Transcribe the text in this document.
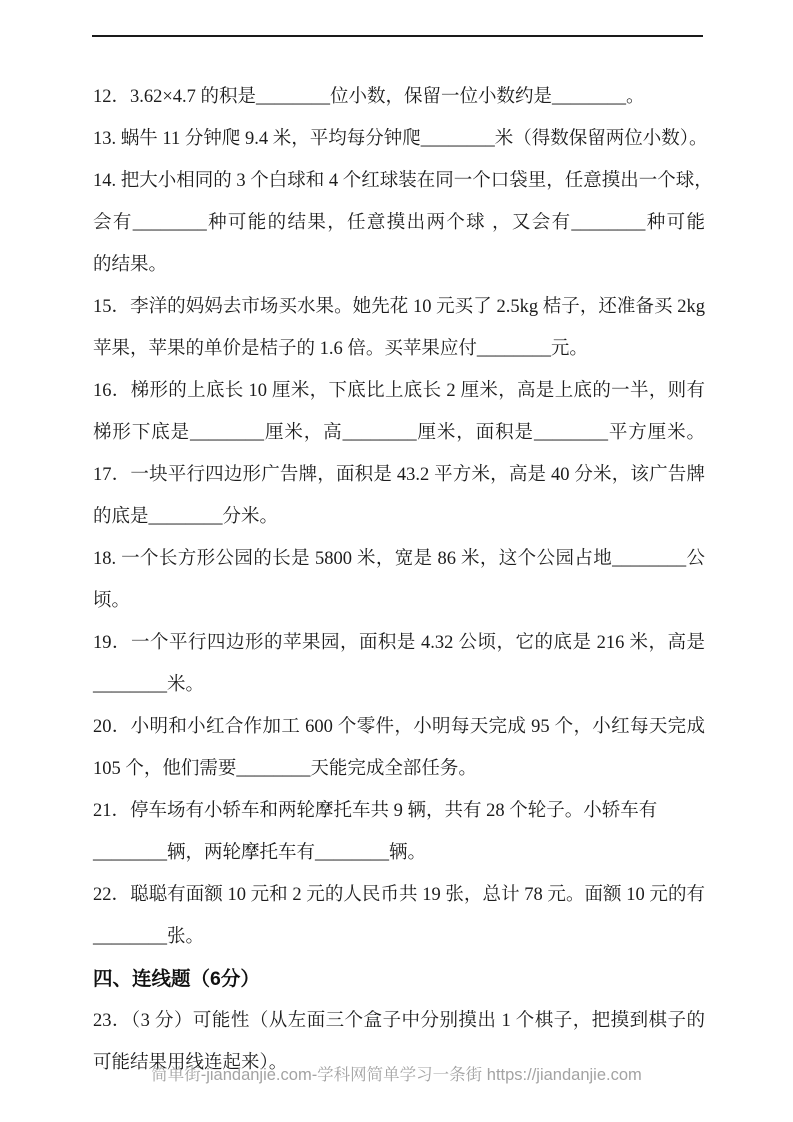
12．3.62×4.7 的积是________位小数，保留一位小数约是________。
13. 蜗牛 11 分钟爬 9.4 米，平均每分钟爬________米（得数保留两位小数）。
14. 把大小相同的 3 个白球和 4 个红球装在同一个口袋里，任意摸出一个球，
会有________种可能的结果，任意摸出两个球 ，又会有________种可能
的结果。
15．李洋的妈妈去市场买水果。她先花 10 元买了 2.5kg 桔子，还准备买 2kg
苹果，苹果的单价是桔子的 1.6 倍。买苹果应付________元。
16．梯形的上底长 10 厘米，下底比上底长 2 厘米，高是上底的一半，则有
梯形下底是________厘米，高________厘米，面积是________平方厘米。
17．一块平行四边形广告牌，面积是 43.2 平方米，高是 40 分米，该广告牌
的底是________分米。
18. 一个长方形公园的长是 5800 米，宽是 86 米，这个公园占地________公
顷。
19．一个平行四边形的苹果园，面积是 4.32 公顷，它的底是 216 米，高是
________米。
20．小明和小红合作加工 600 个零件，小明每天完成 95 个，小红每天完成
105 个，他们需要________天能完成全部任务。
21．停车场有小轿车和两轮摩托车共 9 辆，共有 28 个轮子。小轿车有
________辆，两轮摩托车有________辆。
22．聪聪有面额 10 元和 2 元的人民币共 19 张，总计 78 元。面额 10 元的有
________张。
四、连线题（6分）
23．（3 分）可能性（从左面三个盒子中分别摸出 1 个棋子，把摸到棋子的
可能结果用线连起来）。
简单街-jiandanjie.com-学科网简单学习一条街 https://jiandanjie.com
